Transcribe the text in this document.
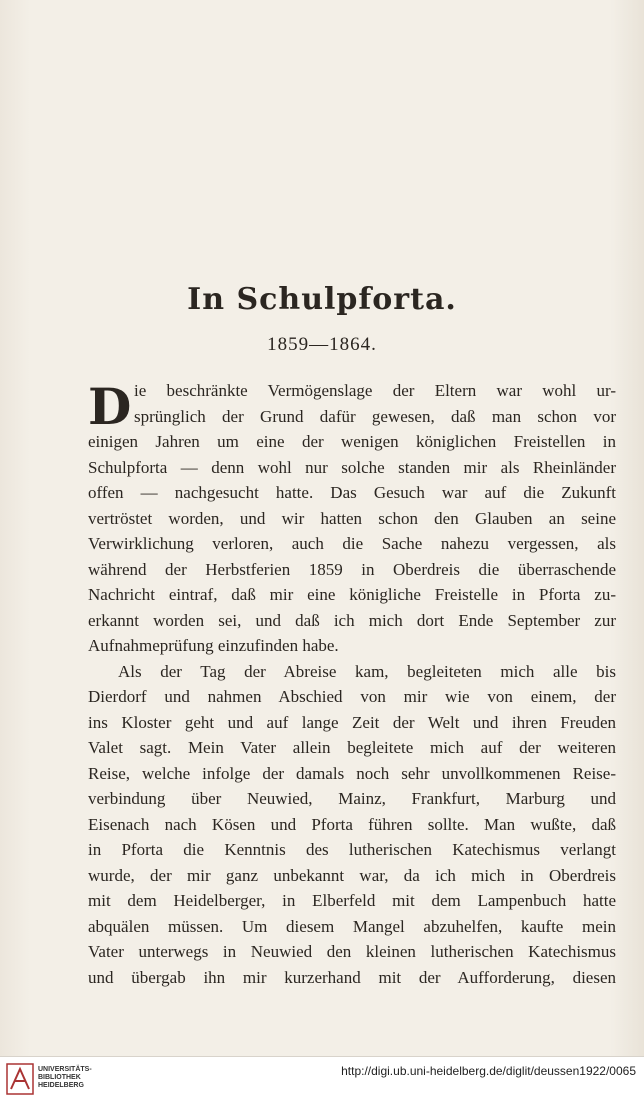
In Schulpforta.
1859—1864.
D ie beschränkte Vermögenslage der Eltern war wohl ur-
sprünglich der Grund dafür gewesen, daß man schon vor
einigen Jahren um eine der wenigen königlichen Freistellen in
Schulpforta — denn wohl nur solche standen mir als Rheinländer
offen — nachgesucht hatte. Das Gesuch war auf die Zukunft
vertröstet worden, und wir hatten schon den Glauben an seine
Verwirklichung verloren, auch die Sache nahezu vergessen, als
während der Herbstferien 1859 in Oberdreis die überraschende
Nachricht eintraf, daß mir eine königliche Freistelle in Pforta zu-
erkannt worden sei, und daß ich mich dort Ende September zur
Aufnahmeprüfung einzufinden habe.
Als der Tag der Abreise kam, begleiteten mich alle bis
Dierdorf und nahmen Abschied von mir wie von einem, der
ins Kloster geht und auf lange Zeit der Welt und ihren Freuden
Valet sagt. Mein Vater allein begleitete mich auf der weiteren
Reise, welche infolge der damals noch sehr unvollkommenen Reise-
verbindung über Neuwied, Mainz, Frankfurt, Marburg und
Eisenach nach Kösen und Pforta führen sollte. Man wußte, daß
in Pforta die Kenntnis des lutherischen Katechismus verlangt
wurde, der mir ganz unbekannt war, da ich mich in Oberdreis
mit dem Heidelberger, in Elberfeld mit dem Lampenbuch hatte
abquälen müssen. Um diesem Mangel abzuhelfen, kaufte mein
Vater unterwegs in Neuwied den kleinen lutherischen Katechismus
und übergab ihn mir kurzerhand mit der Aufforderung, diesen
UNIVERSITÄTS-
BIBLIOTHEK
HEIDELBERG
http://digi.ub.uni-heidelberg.de/diglit/deussen1922/0065
